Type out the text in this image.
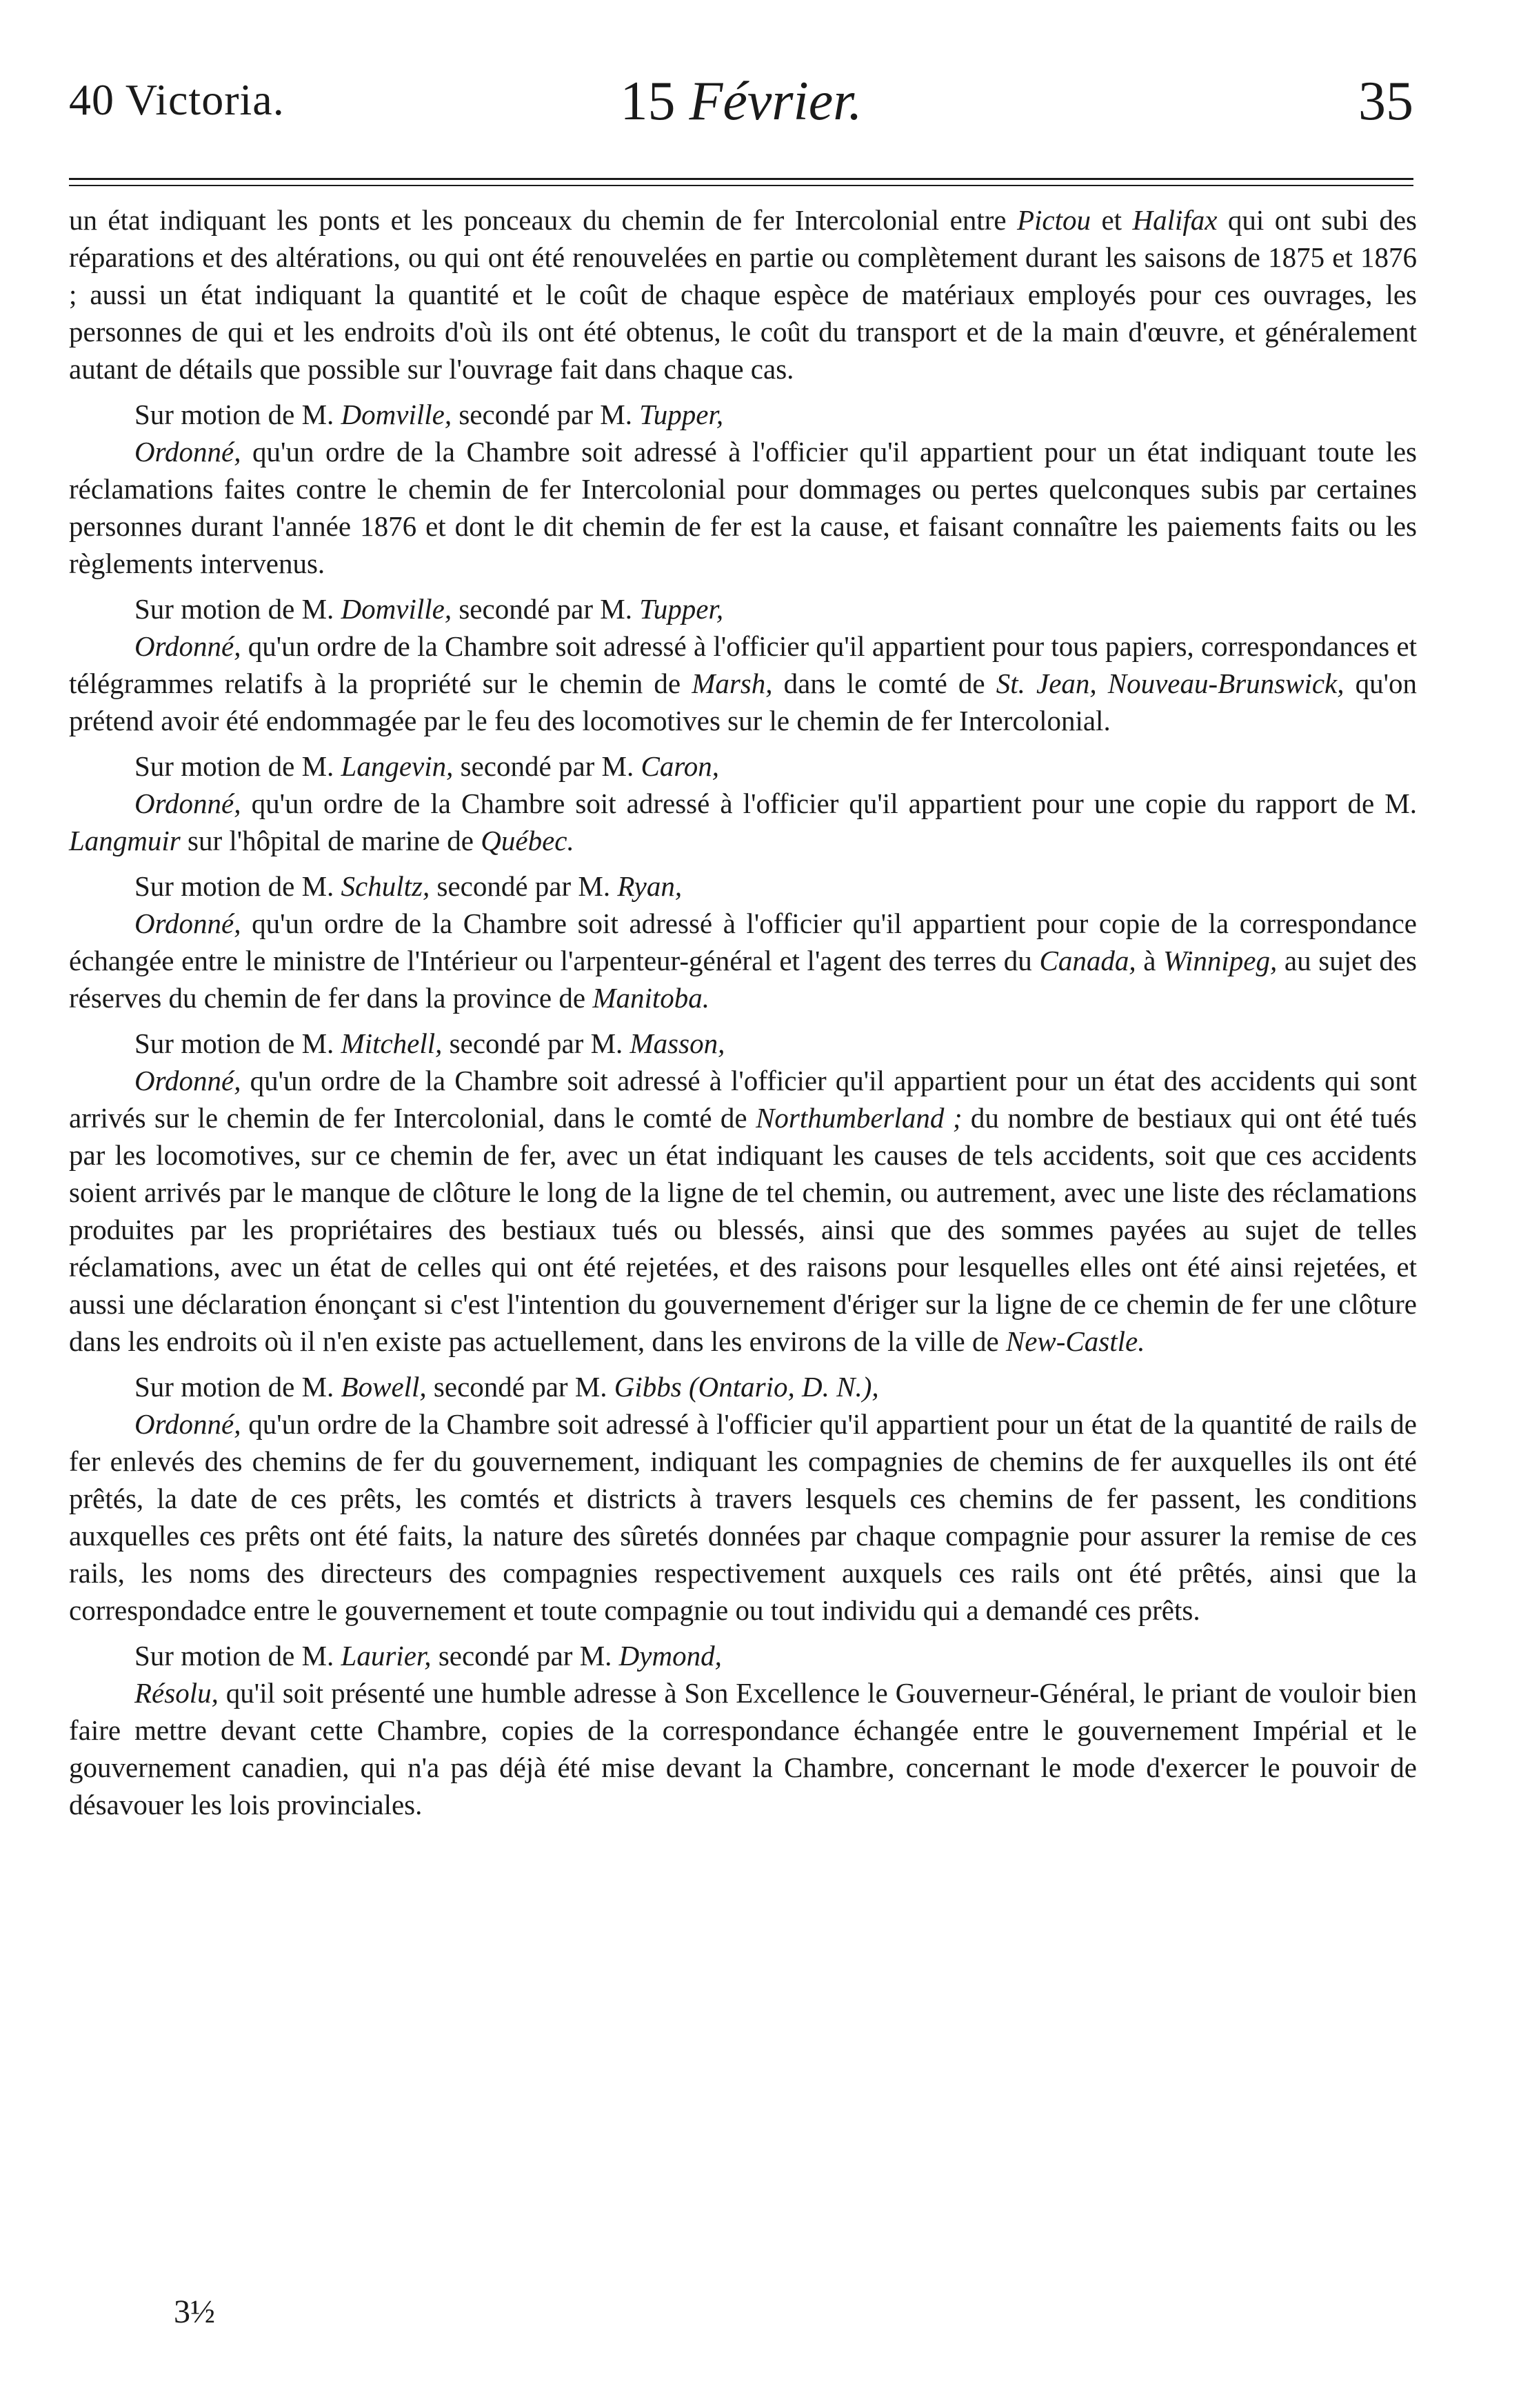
40 Victoria.	15 Février.	35

un état indiquant les ponts et les ponceaux du chemin de fer Intercolonial entre Pictou et Halifax qui ont subi des réparations et des altérations, ou qui ont été renouvelées en partie ou complètement durant les saisons de 1875 et 1876 ; aussi un état indiquant la quantité et le coût de chaque espèce de matériaux employés pour ces ouvrages, les personnes de qui et les endroits d'où ils ont été obtenus, le coût du transport et de la main d'œuvre, et généralement autant de détails que possible sur l'ouvrage fait dans chaque cas.

Sur motion de M. Domville, secondé par M. Tupper,

Ordonné, qu'un ordre de la Chambre soit adressé à l'officier qu'il appartient pour un état indiquant toute les réclamations faites contre le chemin de fer Intercolonial pour dommages ou pertes quelconques subis par certaines personnes durant l'année 1876 et dont le dit chemin de fer est la cause, et faisant connaître les paiements faits ou les règlements intervenus.

Sur motion de M. Domville, secondé par M. Tupper,

Ordonné, qu'un ordre de la Chambre soit adressé à l'officier qu'il appartient pour tous papiers, correspondances et télégrammes relatifs à la propriété sur le chemin de Marsh, dans le comté de St. Jean, Nouveau-Brunswick, qu'on prétend avoir été endommagée par le feu des locomotives sur le chemin de fer Intercolonial.

Sur motion de M. Langevin, secondé par M. Caron,

Ordonné, qu'un ordre de la Chambre soit adressé à l'officier qu'il appartient pour une copie du rapport de M. Langmuir sur l'hôpital de marine de Québec.

Sur motion de M. Schultz, secondé par M. Ryan,

Ordonné, qu'un ordre de la Chambre soit adressé à l'officier qu'il appartient pour copie de la correspondance échangée entre le ministre de l'Intérieur ou l'arpenteur-général et l'agent des terres du Canada, à Winnipeg, au sujet des réserves du chemin de fer dans la province de Manitoba.

Sur motion de M. Mitchell, secondé par M. Masson,

Ordonné, qu'un ordre de la Chambre soit adressé à l'officier qu'il appartient pour un état des accidents qui sont arrivés sur le chemin de fer Intercolonial, dans le comté de Northumberland ; du nombre de bestiaux qui ont été tués par les locomotives, sur ce chemin de fer, avec un état indiquant les causes de tels accidents, soit que ces accidents soient arrivés par le manque de clôture le long de la ligne de tel chemin, ou autrement, avec une liste des réclamations produites par les propriétaires des bestiaux tués ou blessés, ainsi que des sommes payées au sujet de telles réclamations, avec un état de celles qui ont été rejetées, et des raisons pour lesquelles elles ont été ainsi rejetées, et aussi une déclaration énonçant si c'est l'intention du gouvernement d'ériger sur la ligne de ce chemin de fer une clôture dans les endroits où il n'en existe pas actuellement, dans les environs de la ville de New-Castle.

Sur motion de M. Bowell, secondé par M. Gibbs (Ontario, D. N.),

Ordonné, qu'un ordre de la Chambre soit adressé à l'officier qu'il appartient pour un état de la quantité de rails de fer enlevés des chemins de fer du gouvernement, indiquant les compagnies de chemins de fer auxquelles ils ont été prêtés, la date de ces prêts, les comtés et districts à travers lesquels ces chemins de fer passent, les conditions auxquelles ces prêts ont été faits, la nature des sûretés données par chaque compagnie pour assurer la remise de ces rails, les noms des directeurs des compagnies respectivement auxquels ces rails ont été prêtés, ainsi que la correspondadce entre le gouvernement et toute compagnie ou tout individu qui a demandé ces prêts.

Sur motion de M. Laurier, secondé par M. Dymond,

Résolu, qu'il soit présenté une humble adresse à Son Excellence le Gouverneur-Général, le priant de vouloir bien faire mettre devant cette Chambre, copies de la correspondance échangée entre le gouvernement Impérial et le gouvernement canadien, qui n'a pas déjà été mise devant la Chambre, concernant le mode d'exercer le pouvoir de désavouer les lois provinciales.

3½
